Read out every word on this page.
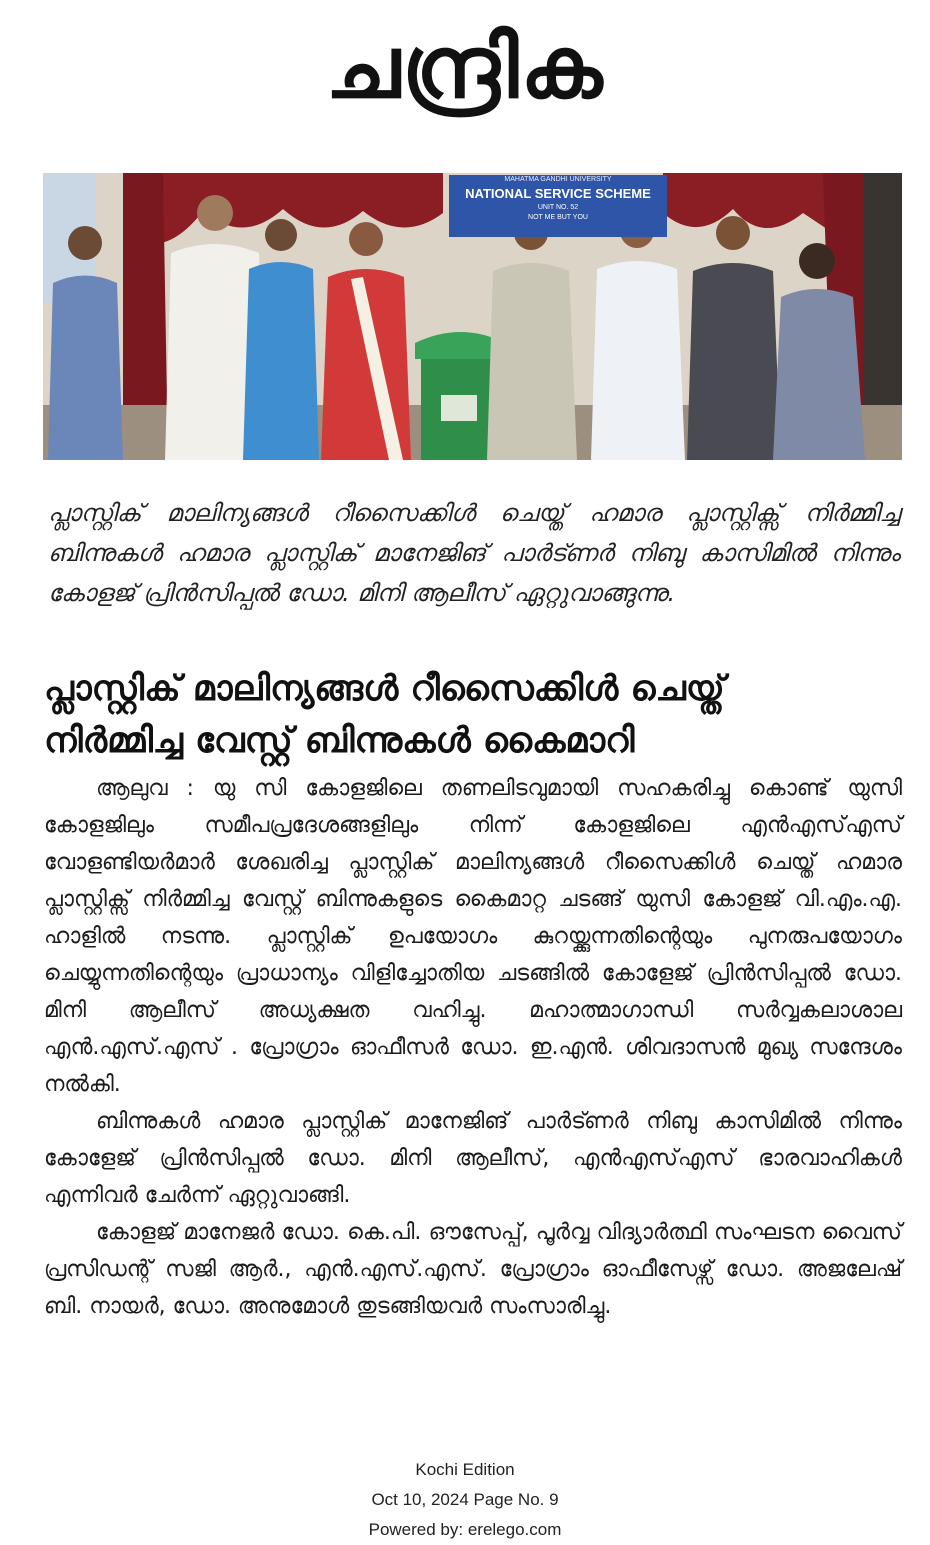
ചന്ദ്രിക
MAHATMA GANDHI UNIVERSITY
NATIONAL SERVICE SCHEME
UNIT NO. 52
NOT ME BUT YOU
പ്ലാസ്റ്റിക് മാലിന്യങ്ങൾ റീസൈക്കിൾ ചെയ്ത് ഹമാര പ്ലാസ്റ്റിക്സ് നിർമ്മിച്ച ബിന്നുകൾ ഹമാര പ്ലാസ്റ്റിക് മാനേജിങ് പാർട്ണർ നിബു കാസിമിൽ നിന്നും കോളജ് പ്രിൻസിപ്പൽ ഡോ. മിനി ആലീസ് ഏറ്റുവാങ്ങുന്നു.
പ്ലാസ്റ്റിക് മാലിന്യങ്ങൾ റീസൈക്കിൾ ചെയ്ത്
നിർമ്മിച്ച വേസ്റ്റ് ബിന്നുകൾ കൈമാറി

ആലുവ : യു സി കോളജിലെ തണലിടവുമായി സഹകരിച്ചു കൊണ്ട് യുസി കോളജിലും സമീപപ്രദേശങ്ങളിലും നിന്ന് കോളജിലെ എൻഎസ്എസ് വോളണ്ടിയർമാർ ശേഖരിച്ച പ്ലാസ്റ്റിക് മാലിന്യങ്ങൾ റീസൈക്കിൾ ചെയ്ത് ഹമാര പ്ലാസ്റ്റിക്സ് നിർമ്മിച്ച വേസ്റ്റ് ബിന്നുകളുടെ കൈമാറ്റ ചടങ്ങ് യുസി കോളജ് വി.എം.എ. ഹാളിൽ നടന്നു. പ്ലാസ്റ്റിക് ഉപയോഗം കുറയ്ക്കുന്നതിന്റെയും പുനരുപയോഗം ചെയ്യുന്നതിന്റെയും പ്രാധാന്യം വിളിച്ചോതിയ ചടങ്ങിൽ കോളേജ് പ്രിൻസിപ്പൽ ഡോ. മിനി ആലീസ് അധ്യക്ഷത വഹിച്ചു. മഹാത്മാഗാന്ധി സർവ്വകലാശാല എൻ.എസ്.എസ് . പ്രോഗ്രാം ഓഫീസർ ഡോ. ഇ.എൻ. ശിവദാസൻ മുഖ്യ സന്ദേശം നൽകി.

ബിന്നുകൾ ഹമാര പ്ലാസ്റ്റിക് മാനേജിങ് പാർട്ണർ നിബു കാസിമിൽ നിന്നും കോളേജ് പ്രിൻസിപ്പൽ ഡോ. മിനി ആലീസ്, എൻഎസ്എസ് ഭാരവാഹികൾ എന്നിവർ ചേർന്ന് ഏറ്റുവാങ്ങി.

കോളജ് മാനേജർ ഡോ. കെ.പി. ഔസേപ്പ്, പൂർവ്വ വിദ്യാർത്ഥി സംഘടന വൈസ് പ്രസിഡന്റ് സജി ആർ., എൻ.എസ്.എസ്. പ്രോഗ്രാം ഓഫീസേഴ്സ് ഡോ. അജലേഷ് ബി. നായർ, ഡോ. അനുമോൾ തുടങ്ങിയവർ സംസാരിച്ചു.

Kochi Edition
Oct 10, 2024 Page No. 9
Powered by: erelego.com
